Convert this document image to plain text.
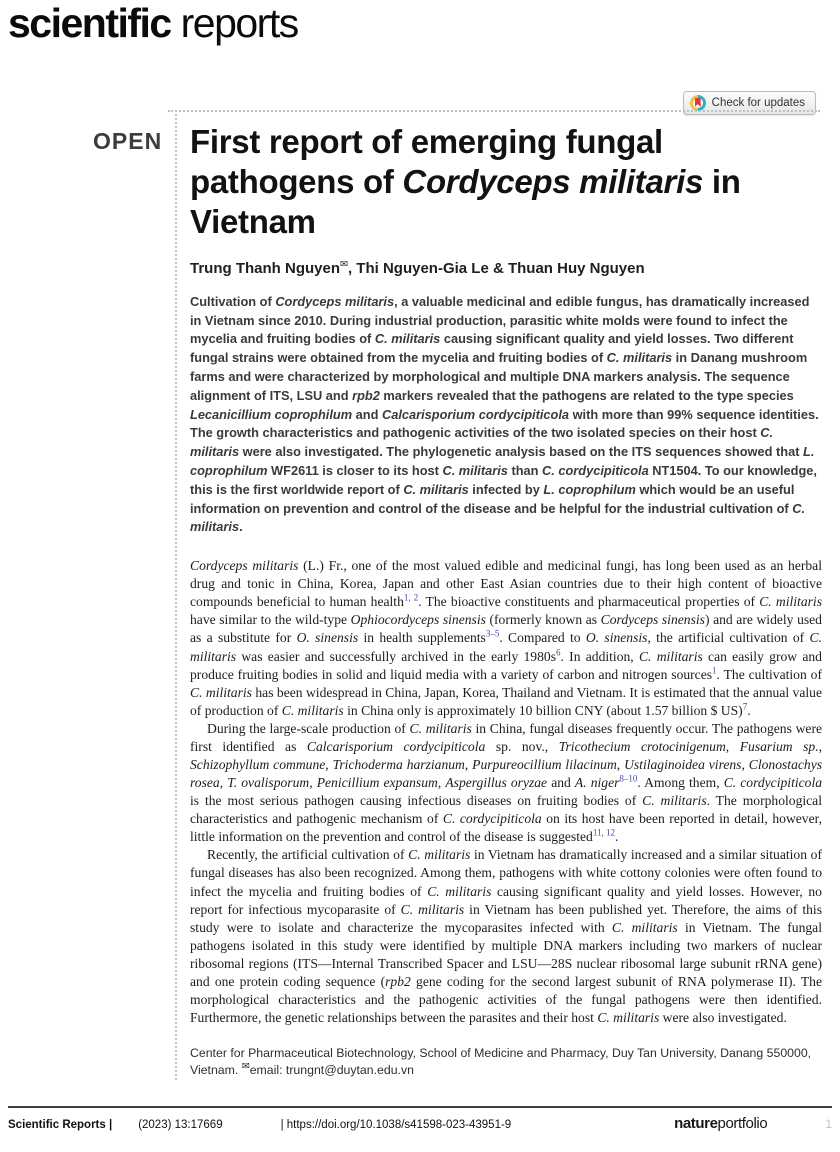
scientific reports
Check for updates
OPEN First report of emerging fungal pathogens of Cordyceps militaris in Vietnam

Trung Thanh Nguyen✉, Thi Nguyen-Gia Le & Thuan Huy Nguyen

Cultivation of Cordyceps militaris, a valuable medicinal and edible fungus, has dramatically increased in Vietnam since 2010. During industrial production, parasitic white molds were found to infect the mycelia and fruiting bodies of C. militaris causing significant quality and yield losses. Two different fungal strains were obtained from the mycelia and fruiting bodies of C. militaris in Danang mushroom farms and were characterized by morphological and multiple DNA markers analysis. The sequence alignment of ITS, LSU and rpb2 markers revealed that the pathogens are related to the type species Lecanicillium coprophilum and Calcarisporium cordycipiticola with more than 99% sequence identities. The growth characteristics and pathogenic activities of the two isolated species on their host C. militaris were also investigated. The phylogenetic analysis based on the ITS sequences showed that L. coprophilum WF2611 is closer to its host C. militaris than C. cordycipiticola NT1504. To our knowledge, this is the first worldwide report of C. militaris infected by L. coprophilum which would be an useful information on prevention and control of the disease and be helpful for the industrial cultivation of C. militaris.

Cordyceps militaris (L.) Fr., one of the most valued edible and medicinal fungi, has long been used as an herbal drug and tonic in China, Korea, Japan and other East Asian countries due to their high content of bioactive compounds beneficial to human health$^{1, 2}$. The bioactive constituents and pharmaceutical properties of C. militaris have similar to the wild-type Ophiocordyceps sinensis (formerly known as Cordyceps sinensis) and are widely used as a substitute for O. sinensis in health supplements$^{3-5}$. Compared to O. sinensis, the artificial cultivation of C. militaris was easier and successfully archived in the early 1980s$^6$. In addition, C. militaris can easily grow and produce fruiting bodies in solid and liquid media with a variety of carbon and nitrogen sources$^1$. The cultivation of C. militaris has been widespread in China, Japan, Korea, Thailand and Vietnam. It is estimated that the annual value of production of C. militaris in China only is approximately 10 billion CNY (about 1.57 billion $ US)$^7$.

During the large-scale production of C. militaris in China, fungal diseases frequently occur. The pathogens were first identified as Calcarisporium cordycipiticola sp. nov., Tricothecium crotocinigenum, Fusarium sp., Schizophyllum commune, Trichoderma harzianum, Purpureocillium lilacinum, Ustilaginoidea virens, Clonostachys rosea, T. ovalisporum, Penicillium expansum, Aspergillus oryzae and A. niger$^{8-10}$. Among them, C. cordycipiticola is the most serious pathogen causing infectious diseases on fruiting bodies of C. militaris. The morphological characteristics and pathogenic mechanism of C. cordycipiticola on its host have been reported in detail, however, little information on the prevention and control of the disease is suggested$^{11, 12}$.

Recently, the artificial cultivation of C. militaris in Vietnam has dramatically increased and a similar situation of fungal diseases has also been recognized. Among them, pathogens with white cottony colonies were often found to infect the mycelia and fruiting bodies of C. militaris causing significant quality and yield losses. However, no report for infectious mycoparasite of C. militaris in Vietnam has been published yet. Therefore, the aims of this study were to isolate and characterize the mycoparasites infected with C. militaris in Vietnam. The fungal pathogens isolated in this study were identified by multiple DNA markers including two markers of nuclear ribosomal regions (ITS—Internal Transcribed Spacer and LSU—28S nuclear ribosomal large subunit rRNA gene) and one protein coding sequence (rpb2 gene coding for the second largest subunit of RNA polymerase II). The morphological characteristics and the pathogenic activities of the fungal pathogens were then identified. Furthermore, the genetic relationships between the parasites and their host C. militaris were also investigated.

Center for Pharmaceutical Biotechnology, School of Medicine and Pharmacy, Duy Tan University, Danang 550000, Vietnam. ✉email: trungnt@duytan.edu.vn

Scientific Reports | (2023) 13:17669	| https://doi.org/10.1038/s41598-023-43951-9	natureportfolio	1
